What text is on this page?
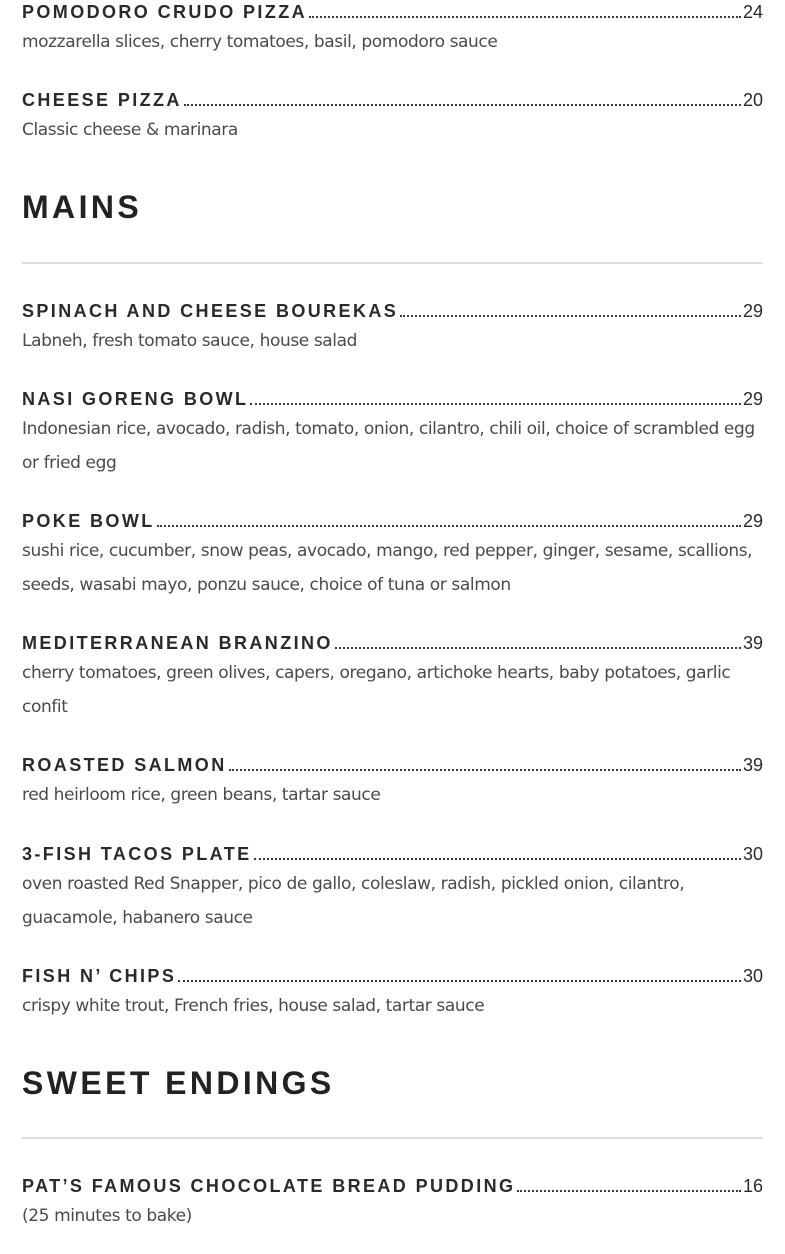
POMODORO CRUDO PIZZA	24
mozzarella slices, cherry tomatoes, basil, pomodoro sauce
CHEESE PIZZA	20
Classic cheese & marinara
MAINS
SPINACH AND CHEESE BOUREKAS	29
Labneh, fresh tomato sauce, house salad
NASI GORENG BOWL	29
Indonesian rice, avocado, radish, tomato, onion, cilantro, chili oil, choice of scrambled egg or fried egg
POKE BOWL	29
sushi rice, cucumber, snow peas, avocado, mango, red pepper, ginger, sesame, scallions, seeds, wasabi mayo, ponzu sauce, choice of tuna or salmon
MEDITERRANEAN BRANZINO	39
cherry tomatoes, green olives, capers, oregano, artichoke hearts, baby potatoes, garlic confit
ROASTED SALMON	39
red heirloom rice, green beans, tartar sauce
3-FISH TACOS PLATE	30
oven roasted Red Snapper, pico de gallo, coleslaw, radish, pickled onion, cilantro, guacamole, habanero sauce
FISH N’ CHIPS	30
crispy white trout, French fries, house salad, tartar sauce
SWEET ENDINGS
PAT’S FAMOUS CHOCOLATE BREAD PUDDING	16
(25 minutes to bake)
